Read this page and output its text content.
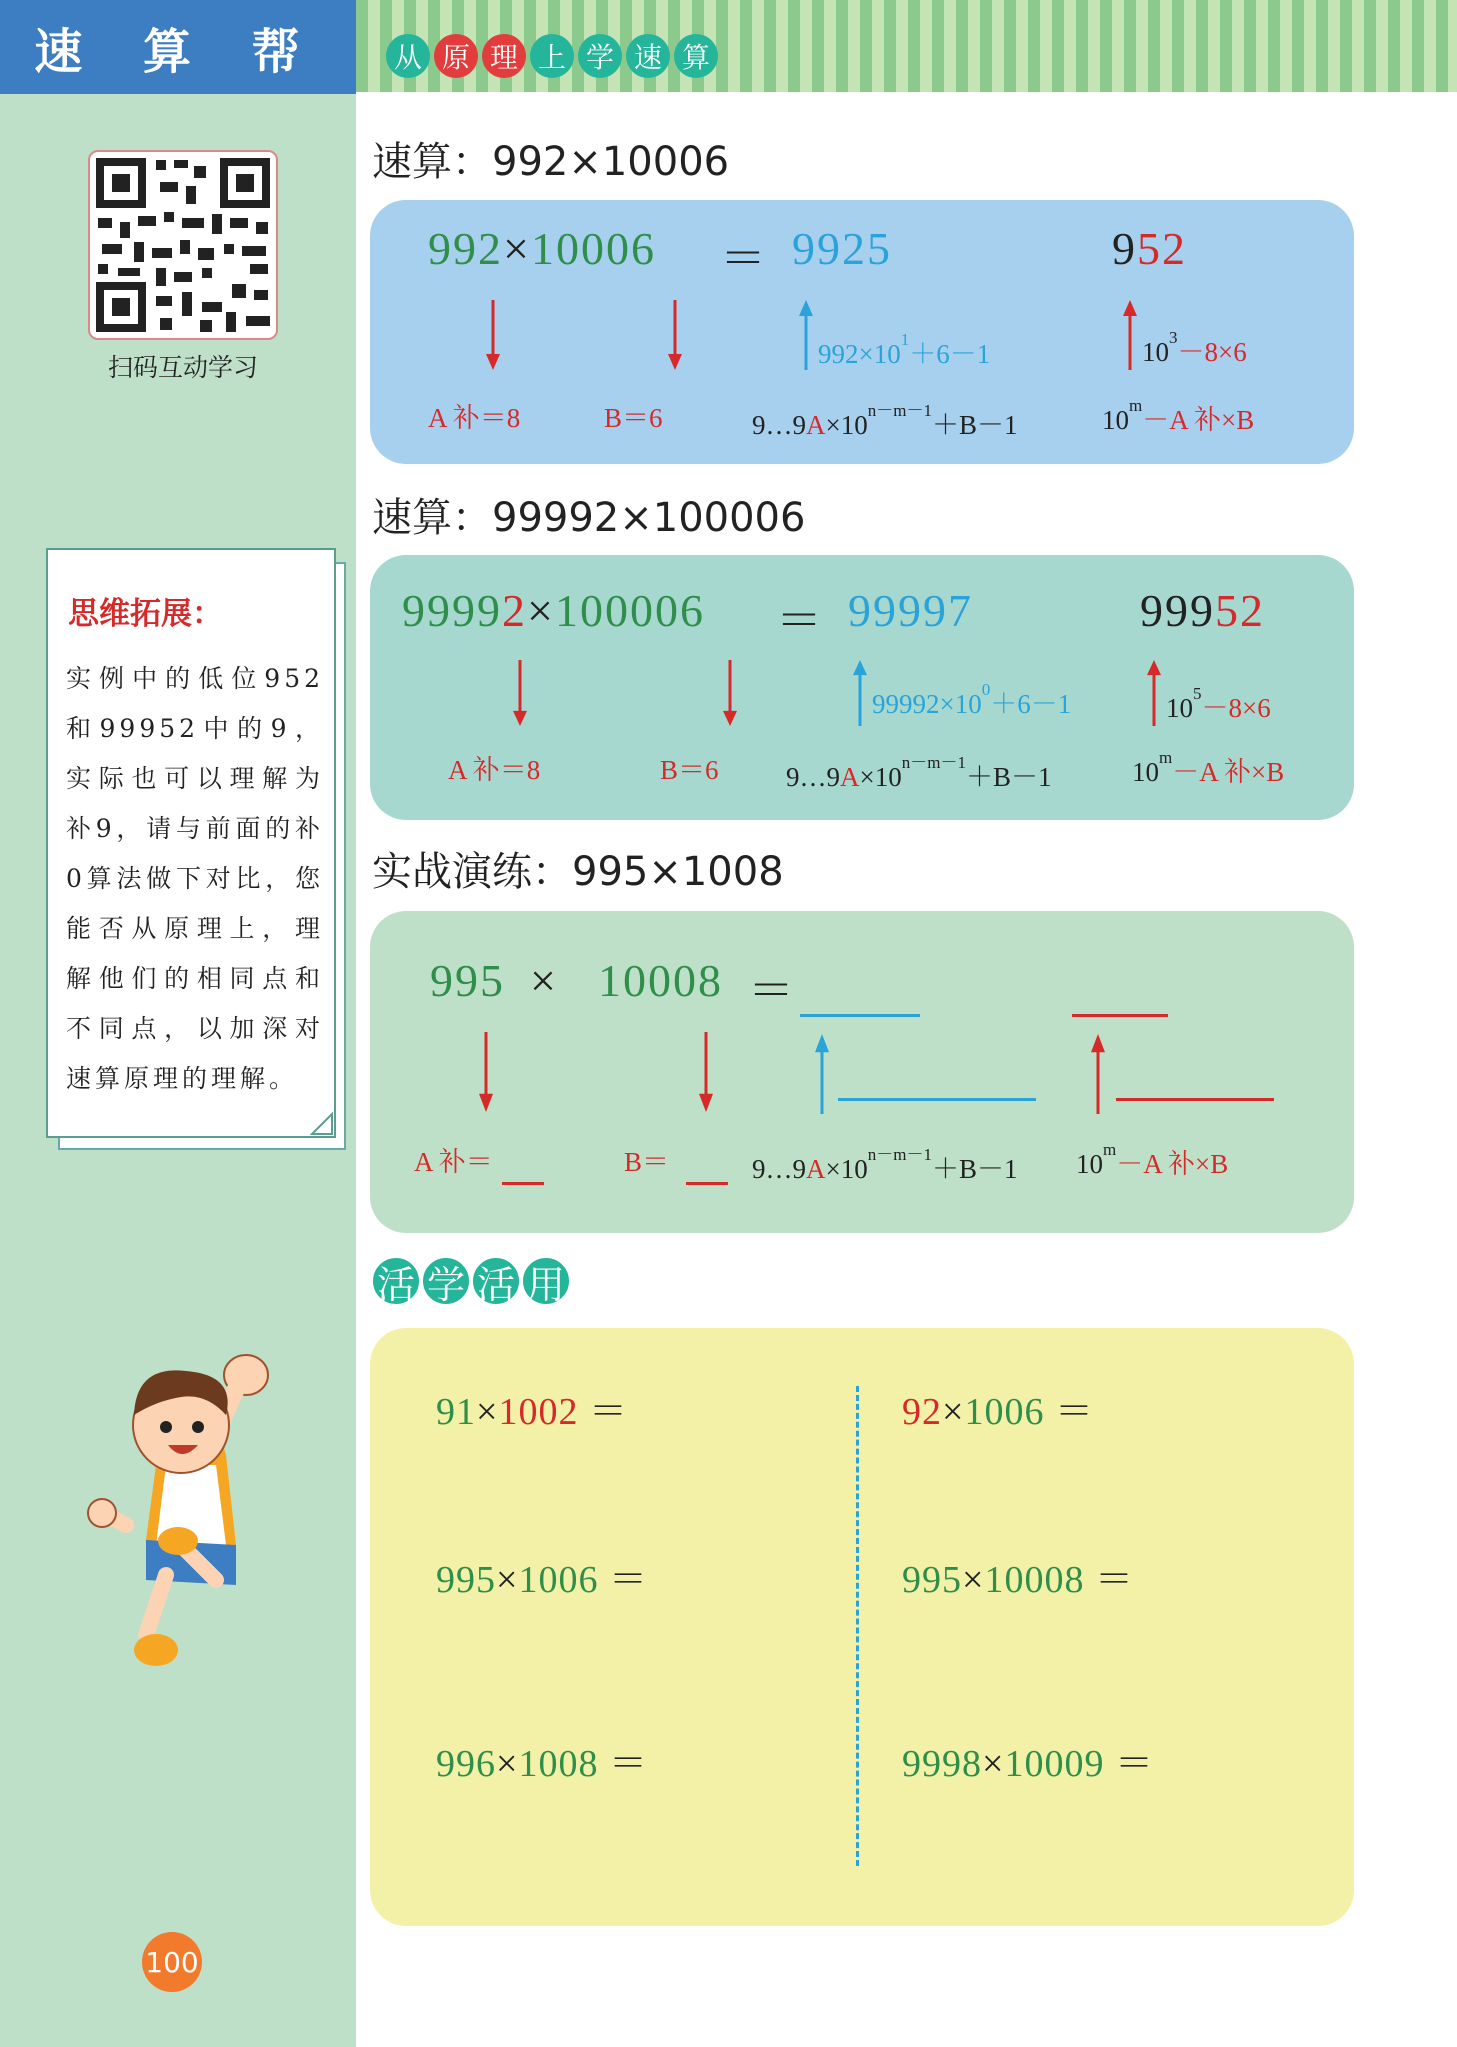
速 算 帮	从 原 理 上 学 速 算
扫码互动学习
思维拓展：
实例中的低位952和99952中的9，实际也可以理解为补9，请与前面的补0算法做下对比，您能否从原理上，理解他们的相同点和不同点，以加深对速算原理的理解。
100
速算：992×10006
992×10006 ＝ 9925	952
$992\times 10^1+6-1$	$10^3-8\times 6$
A 补＝8	B＝6	$9\dots 9A\times 10^{n-m-1}+B-1$	$10^m-A$ 补×B
速算：99992×100006
99992×100006 ＝ 99997	99952
$99992\times 10^0+6-1$	$10^5-8\times 6$
A 补＝8	B＝6 $9\dots 9A\times 10^{n-m-1}+B-1$	$10^m-A$ 补×B
实战演练：995×1008
995 × 10008 ＝
A 补＝	B＝	$9\dots 9A\times 10^{n-m-1}+B-1$ $10^m-A$ 补×B
活 学 活 用
91×1002 ＝	92×1006 ＝
995×1006 ＝	995×10008 ＝
996×1008 ＝	9998×10009 ＝
